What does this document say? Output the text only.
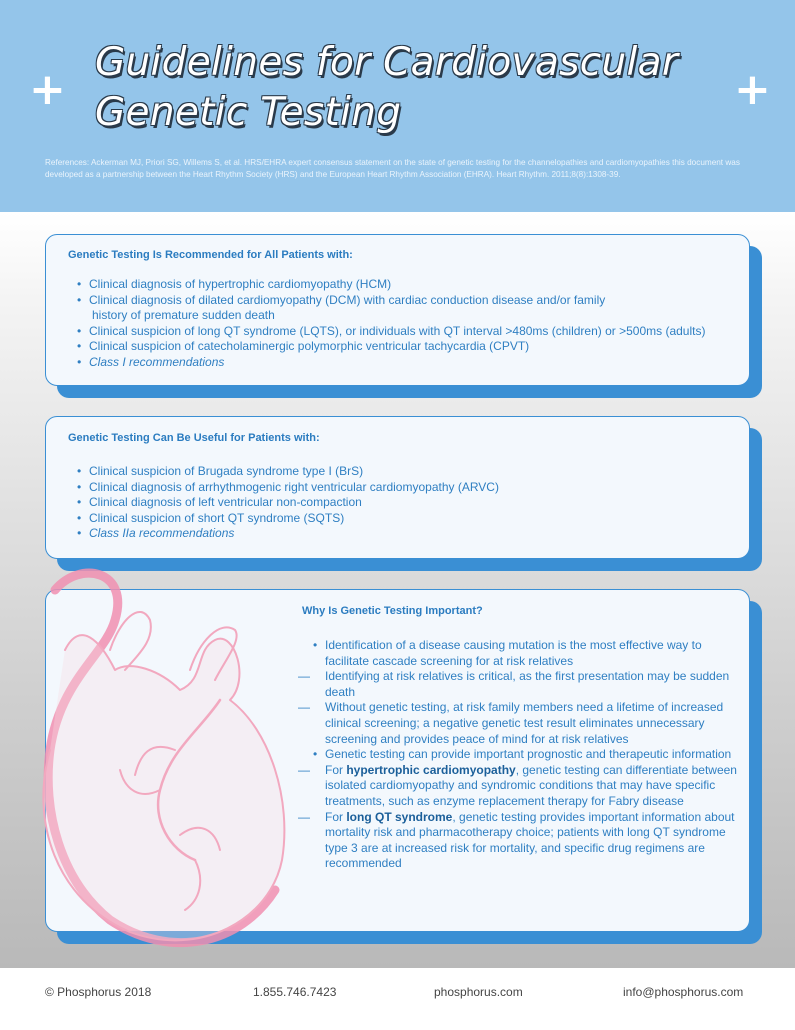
+	+
Guidelines for Cardiovascular
Genetic Testing
References: Ackerman MJ, Priori SG, Willems S, et al. HRS/EHRA expert consensus statement on the state of genetic testing for the channelopathies and cardiomyopathies this document was developed as a partnership between the Heart Rhythm Society (HRS) and the European Heart Rhythm Association (EHRA). Heart Rhythm. 2011;8(8):1308-39.
Genetic Testing Is Recommended for All Patients with:
• Clinical diagnosis of hypertrophic cardiomyopathy (HCM)
• Clinical diagnosis of dilated cardiomyopathy (DCM) with cardiac conduction disease and/or family
history of premature sudden death
• Clinical suspicion of long QT syndrome (LQTS), or individuals with QT interval >480ms (children) or >500ms (adults)
• Clinical suspicion of catecholaminergic polymorphic ventricular tachycardia (CPVT)
• Class I recommendations
Genetic Testing Can Be Useful for Patients with:
• Clinical suspicion of Brugada syndrome type I (BrS)
• Clinical diagnosis of arrhythmogenic right ventricular cardiomyopathy (ARVC)
• Clinical diagnosis of left ventricular non-compaction
• Clinical suspicion of short QT syndrome (SQTS)
• Class IIa recommendations
Why Is Genetic Testing Important?
• Identification of a disease causing mutation is the most effective way to facilitate cascade screening for at risk relatives
— Identifying at risk relatives is critical, as the first presentation may be sudden death
— Without genetic testing, at risk family members need a lifetime of increased clinical screening; a negative genetic test result eliminates unnecessary screening and provides peace of mind for at risk relatives
• Genetic testing can provide important prognostic and therapeutic information
— For hypertrophic cardiomyopathy, genetic testing can differentiate between isolated cardiomyopathy and syndromic conditions that may have specific treatments, such as enzyme replacement therapy for Fabry disease
— For long QT syndrome, genetic testing provides important information about mortality risk and pharmacotherapy choice; patients with long QT syndrome type 3 are at increased risk for mortality, and specific drug regimens are recommended
© Phosphorus 2018	1.855.746.7423	phosphorus.com	info@phosphorus.com
